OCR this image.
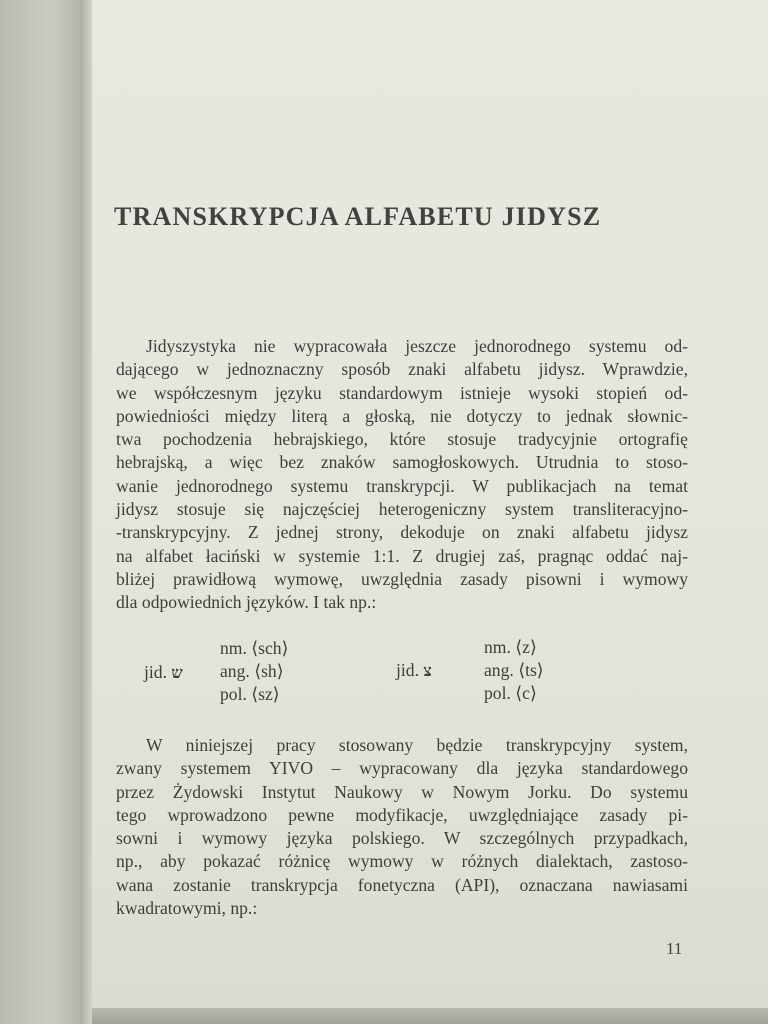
TRANSKRYPCJA ALFABETU JIDYSZ
Jidyszystyka nie wypracowała jeszcze jednorodnego systemu od-
dającego w jednoznaczny sposób znaki alfabetu jidysz. Wprawdzie,
we współczesnym języku standardowym istnieje wysoki stopień od-
powiedniości między literą a głoską, nie dotyczy to jednak słownic-
twa pochodzenia hebrajskiego, które stosuje tradycyjnie ortografię
hebrajską, a więc bez znaków samogłoskowych. Utrudnia to stoso-
wanie jednorodnego systemu transkrypcji. W publikacjach na temat
jidysz stosuje się najczęściej heterogeniczny system transliteracyjno-
-transkrypcyjny. Z jednej strony, dekoduje on znaki alfabetu jidysz
na alfabet łaciński w systemie 1:1. Z drugiej zaś, pragnąc oddać naj-
bliżej prawidłową wymowę, uwzględnia zasady pisowni i wymowy
dla odpowiednich języków. I tak np.:
jid. ש
nm. ⟨sch⟩
ang. ⟨sh⟩
pol. ⟨sz⟩
jid. צ
nm. ⟨z⟩
ang. ⟨ts⟩
pol. ⟨c⟩
W niniejszej pracy stosowany będzie transkrypcyjny system,
zwany systemem YIVO – wypracowany dla języka standardowego
przez Żydowski Instytut Naukowy w Nowym Jorku. Do systemu
tego wprowadzono pewne modyfikacje, uwzględniające zasady pi-
sowni i wymowy języka polskiego. W szczególnych przypadkach,
np., aby pokazać różnicę wymowy w różnych dialektach, zastoso-
wana zostanie transkrypcja fonetyczna (API), oznaczana nawiasami
kwadratowymi, np.:
11
